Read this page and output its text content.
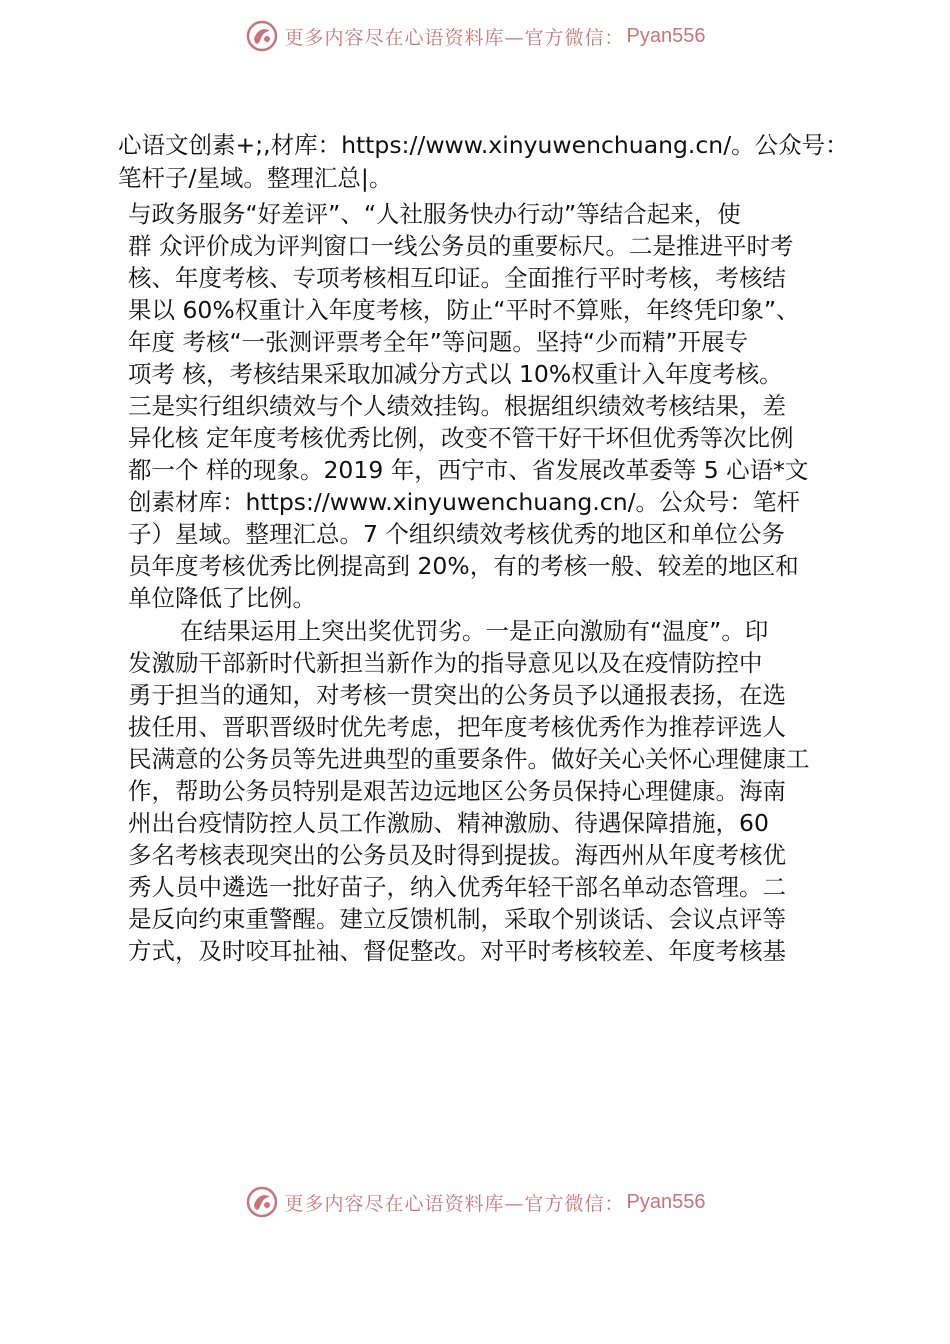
更多内容尽在心语资料库—官方微信： Pyan556
心语文创素+;,材库：https://www.xinyuwenchuang.cn/。公众号：
笔杆子/星域。整理汇总|。
与政务服务“好差评”、“人社服务快办行动”等结合起来，使
群 众评价成为评判窗口一线公务员的重要标尺。二是推进平时考
核、年度考核、专项考核相互印证。全面推行平时考核，考核结
果以 60%权重计入年度考核，防止“平时不算账，年终凭印象”、
年度 考核“一张测评票考全年”等问题。坚持“少而精”开展专
项考 核，考核结果采取加减分方式以 10%权重计入年度考核。
三是实行组织绩效与个人绩效挂钩。根据组织绩效考核结果，差
异化核 定年度考核优秀比例，改变不管干好干坏但优秀等次比例
都一个 样的现象。2019 年，西宁市、省发展改革委等 5 心语*文
创素材库：https://www.xinyuwenchuang.cn/。公众号：笔杆
子）星域。整理汇总。7 个组织绩效考核优秀的地区和单位公务
员年度考核优秀比例提高到 20%，有的考核一般、较差的地区和
单位降低了比例。
在结果运用上突出奖优罚劣。一是正向激励有“温度”。印
发激励干部新时代新担当新作为的指导意见以及在疫情防控中
勇于担当的通知，对考核一贯突出的公务员予以通报表扬，在选
拔任用、晋职晋级时优先考虑，把年度考核优秀作为推荐评选人
民满意的公务员等先进典型的重要条件。做好关心关怀心理健康工
作，帮助公务员特别是艰苦边远地区公务员保持心理健康。海南
州出台疫情防控人员工作激励、精神激励、待遇保障措施，60
多名考核表现突出的公务员及时得到提拔。海西州从年度考核优
秀人员中遴选一批好苗子，纳入优秀年轻干部名单动态管理。二
是反向约束重警醒。建立反馈机制，采取个别谈话、会议点评等
方式，及时咬耳扯袖、督促整改。对平时考核较差、年度考核基
更多内容尽在心语资料库—官方微信： Pyan556
